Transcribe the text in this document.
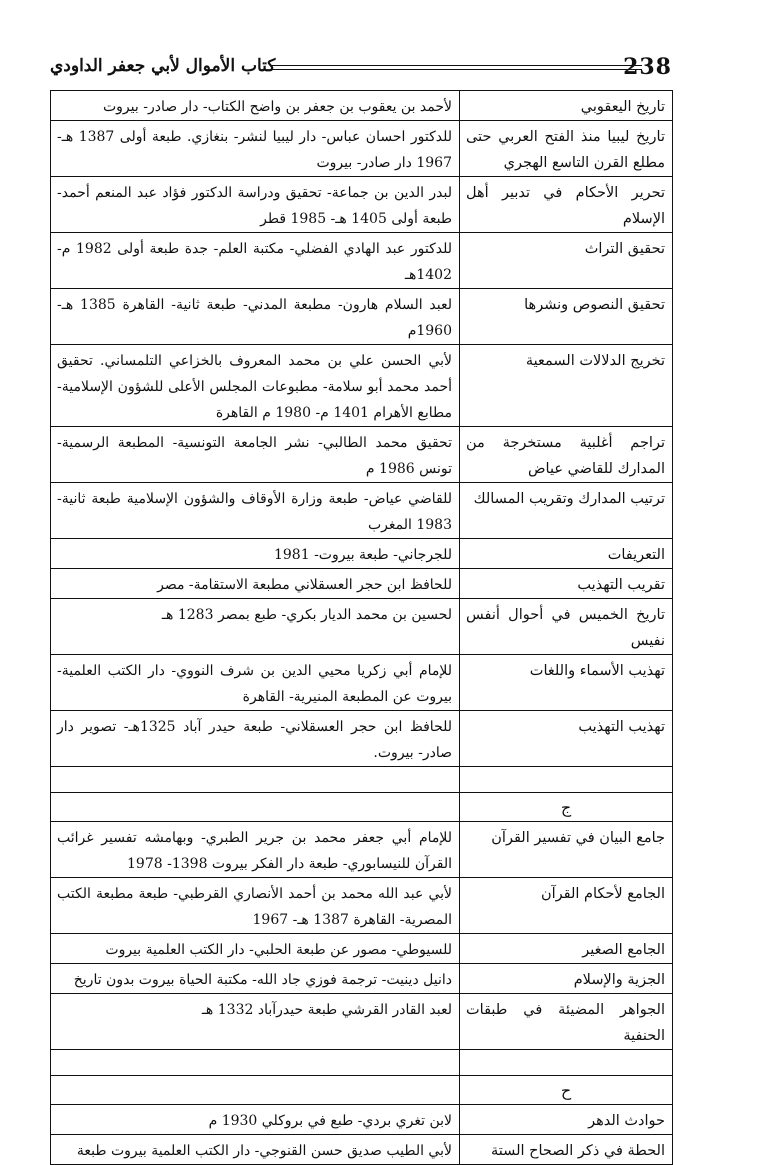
238
كتاب الأموال لأبي جعفر الداودي
تاريخ اليعقوبي	لأحمد بن يعقوب بن جعفر بن واضح الكتاب- دار صادر- بيروت
تاريخ ليبيا منذ الفتح العربي حتى مطلع القرن التاسع الهجري	للدكتور احسان عباس- دار ليبيا لنشر- بنغازي. طبعة أولى 1387 هـ- 1967 دار صادر- بيروت
تحرير الأحكام في تدبير أهل الإسلام	لبدر الدين بن جماعة- تحقيق ودراسة الدكتور فؤاد عبد المنعم أحمد- طبعة أولى 1405 هـ- 1985 قطر
تحقيق التراث	للدكتور عبد الهادي الفضلي- مكتبة العلم- جدة طبعة أولى 1982 م- 1402هـ
تحقيق النصوص ونشرها	لعبد السلام هارون- مطبعة المدني- طبعة ثانية- القاهرة 1385 هـ- 1960م
تخريج الدلالات السمعية	لأبي الحسن علي بن محمد المعروف بالخزاعي التلمساني. تحقيق أحمد محمد أبو سلامة- مطبوعات المجلس الأعلى للشؤون الإسلامية- مطابع الأهرام 1401 م- 1980 م القاهرة
تراجم أغلبية مستخرجة من المدارك للقاضي عياض	تحقيق محمد الطالبي- نشر الجامعة التونسية- المطبعة الرسمية- تونس 1986 م
ترتيب المدارك وتقريب المسالك	للقاضي عياض- طبعة وزارة الأوقاف والشؤون الإسلامية طبعة ثانية- 1983 المغرب
التعريفات	للجرجاني- طبعة بيروت- 1981
تقريب التهذيب	للحافظ ابن حجر العسقلاني مطبعة الاستقامة- مصر
تاريخ الخميس في أحوال أنفس نفيس	لحسين بن محمد الديار بكري- طبع بمصر 1283 هـ
تهذيب الأسماء واللغات	للإمام أبي زكريا محيي الدين بن شرف النووي- دار الكتب العلمية- بيروت عن المطبعة المنيرية- القاهرة
تهذيب التهذيب	للحافظ ابن حجر العسقلاني- طبعة حيدر آباد 1325هـ- تصوير دار صادر- بيروت.

ج	
جامع البيان في تفسير القرآن	للإمام أبي جعفر محمد بن جرير الطبري- وبهامشه تفسير غرائب القرآن للنيسابوري- طبعة دار الفكر بيروت 1398- 1978
الجامع لأحكام القرآن	لأبي عبد الله محمد بن أحمد الأنصاري القرطبي- طبعة مطبعة الكتب المصرية- القاهرة 1387 هـ- 1967
الجامع الصغير	للسيوطي- مصور عن طبعة الحلبي- دار الكتب العلمية بيروت
الجزية والإسلام	دانيل دينيت- ترجمة فوزي جاد الله- مكتبة الحياة بيروت بدون تاريخ
الجواهر المضيئة في طبقات الحنفية	لعبد القادر القرشي طبعة حيدرآباد 1332 هـ

ح	
حوادث الدهر	لابن تغري بردي- طبع في بروكلي 1930 م
الحطة في ذكر الصحاح الستة	لأبي الطيب صديق حسن القنوجي- دار الكتب العلمية بيروت طبعة
